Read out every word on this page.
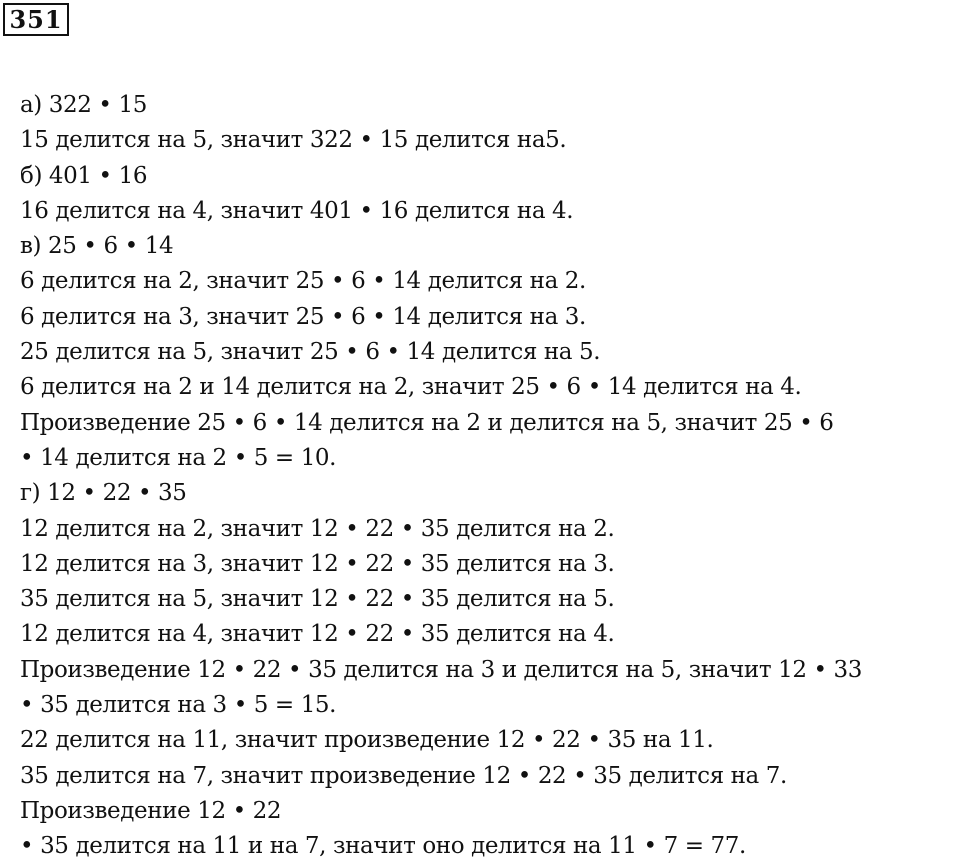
351
а) 322 • 15
15 делится на 5, значит 322 • 15 делится на5.
б) 401 • 16
16 делится на 4, значит 401 • 16 делится на 4.
в) 25 • 6 • 14
6 делится на 2, значит 25 • 6 • 14 делится на 2.
6 делится на 3, значит 25 • 6 • 14 делится на 3.
25 делится на 5, значит 25 • 6 • 14 делится на 5.
6 делится на 2 и 14 делится на 2, значит 25 • 6 • 14 делится на 4.
Произведение 25 • 6 • 14 делится на 2 и делится на 5, значит 25 • 6
• 14 делится на 2 • 5 = 10.
г) 12 • 22 • 35
12 делится на 2, значит 12 • 22 • 35 делится на 2.
12 делится на 3, значит 12 • 22 • 35 делится на 3.
35 делится на 5, значит 12 • 22 • 35 делится на 5.
12 делится на 4, значит 12 • 22 • 35 делится на 4.
Произведение 12 • 22 • 35 делится на 3 и делится на 5, значит 12 • 33
• 35 делится на 3 • 5 = 15.
22 делится на 11, значит произведение 12 • 22 • 35 на 11.
35 делится на 7, значит произведение 12 • 22 • 35 делится на 7.
Произведение 12 • 22
• 35 делится на 11 и на 7, значит оно делится на 11 • 7 = 77.
